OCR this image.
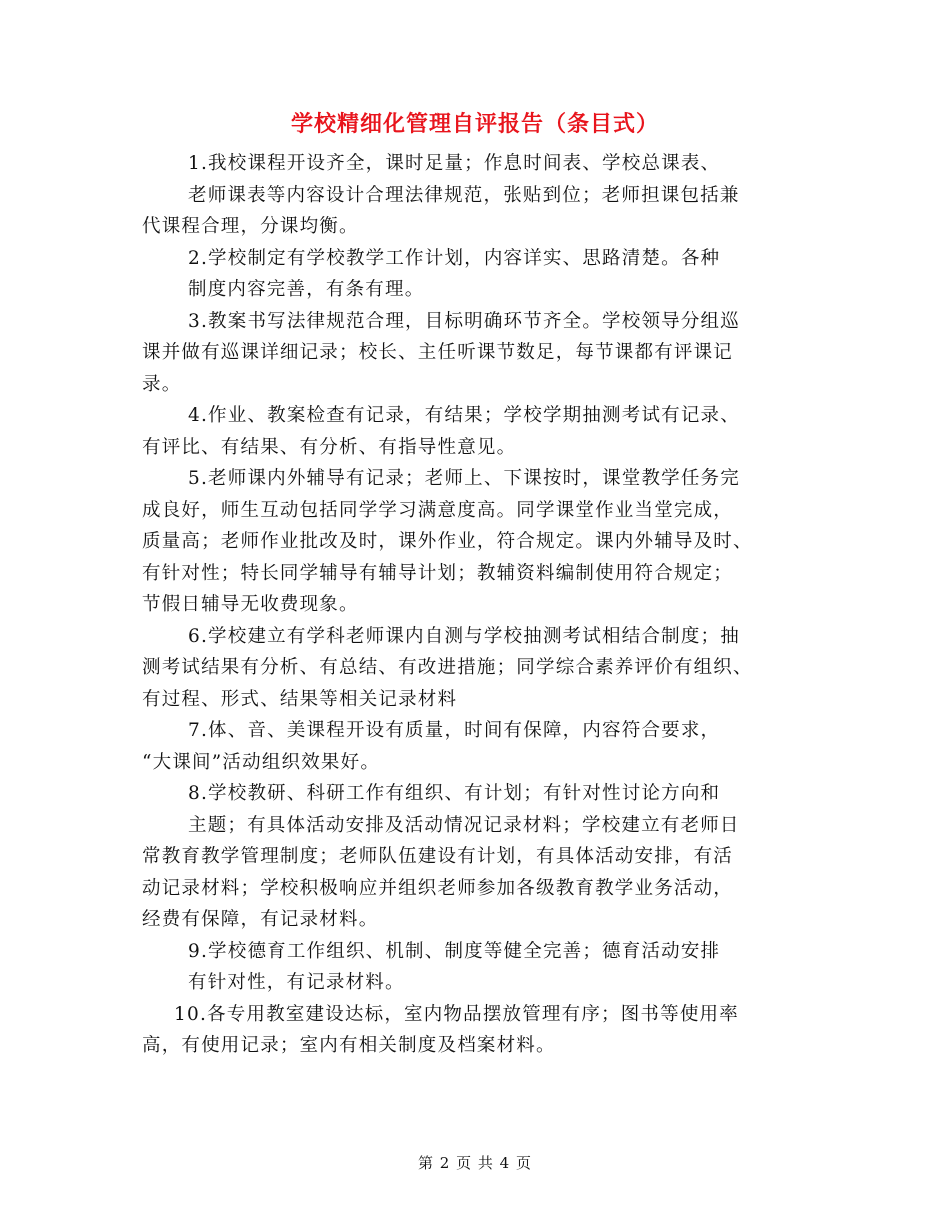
学校精细化管理自评报告（条目式）
1.我校课程开设齐全，课时足量；作息时间表、学校总课表、
老师课表等内容设计合理法律规范，张贴到位；老师担课包括兼
代课程合理，分课均衡。
2.学校制定有学校教学工作计划，内容详实、思路清楚。各种
制度内容完善，有条有理。
3.教案书写法律规范合理，目标明确环节齐全。学校领导分组巡
课并做有巡课详细记录；校长、主任听课节数足，每节课都有评课记
录。
4.作业、教案检查有记录，有结果；学校学期抽测考试有记录、
有评比、有结果、有分析、有指导性意见。
5.老师课内外辅导有记录；老师上、下课按时，课堂教学任务完
成良好，师生互动包括同学学习满意度高。同学课堂作业当堂完成，
质量高；老师作业批改及时，课外作业，符合规定。课内外辅导及时、
有针对性；特长同学辅导有辅导计划；教辅资料编制使用符合规定；
节假日辅导无收费现象。
6.学校建立有学科老师课内自测与学校抽测考试相结合制度；抽
测考试结果有分析、有总结、有改进措施；同学综合素养评价有组织、
有过程、形式、结果等相关记录材料
7.体、音、美课程开设有质量，时间有保障，内容符合要求，
“大课间”活动组织效果好。
8.学校教研、科研工作有组织、有计划；有针对性讨论方向和
主题；有具体活动安排及活动情况记录材料；学校建立有老师日
常教育教学管理制度；老师队伍建设有计划，有具体活动安排，有活
动记录材料；学校积极响应并组织老师参加各级教育教学业务活动，
经费有保障，有记录材料。
9.学校德育工作组织、机制、制度等健全完善；德育活动安排
有针对性，有记录材料。
10.各专用教室建设达标，室内物品摆放管理有序；图书等使用率
高，有使用记录；室内有相关制度及档案材料。
第 2 页 共 4 页
